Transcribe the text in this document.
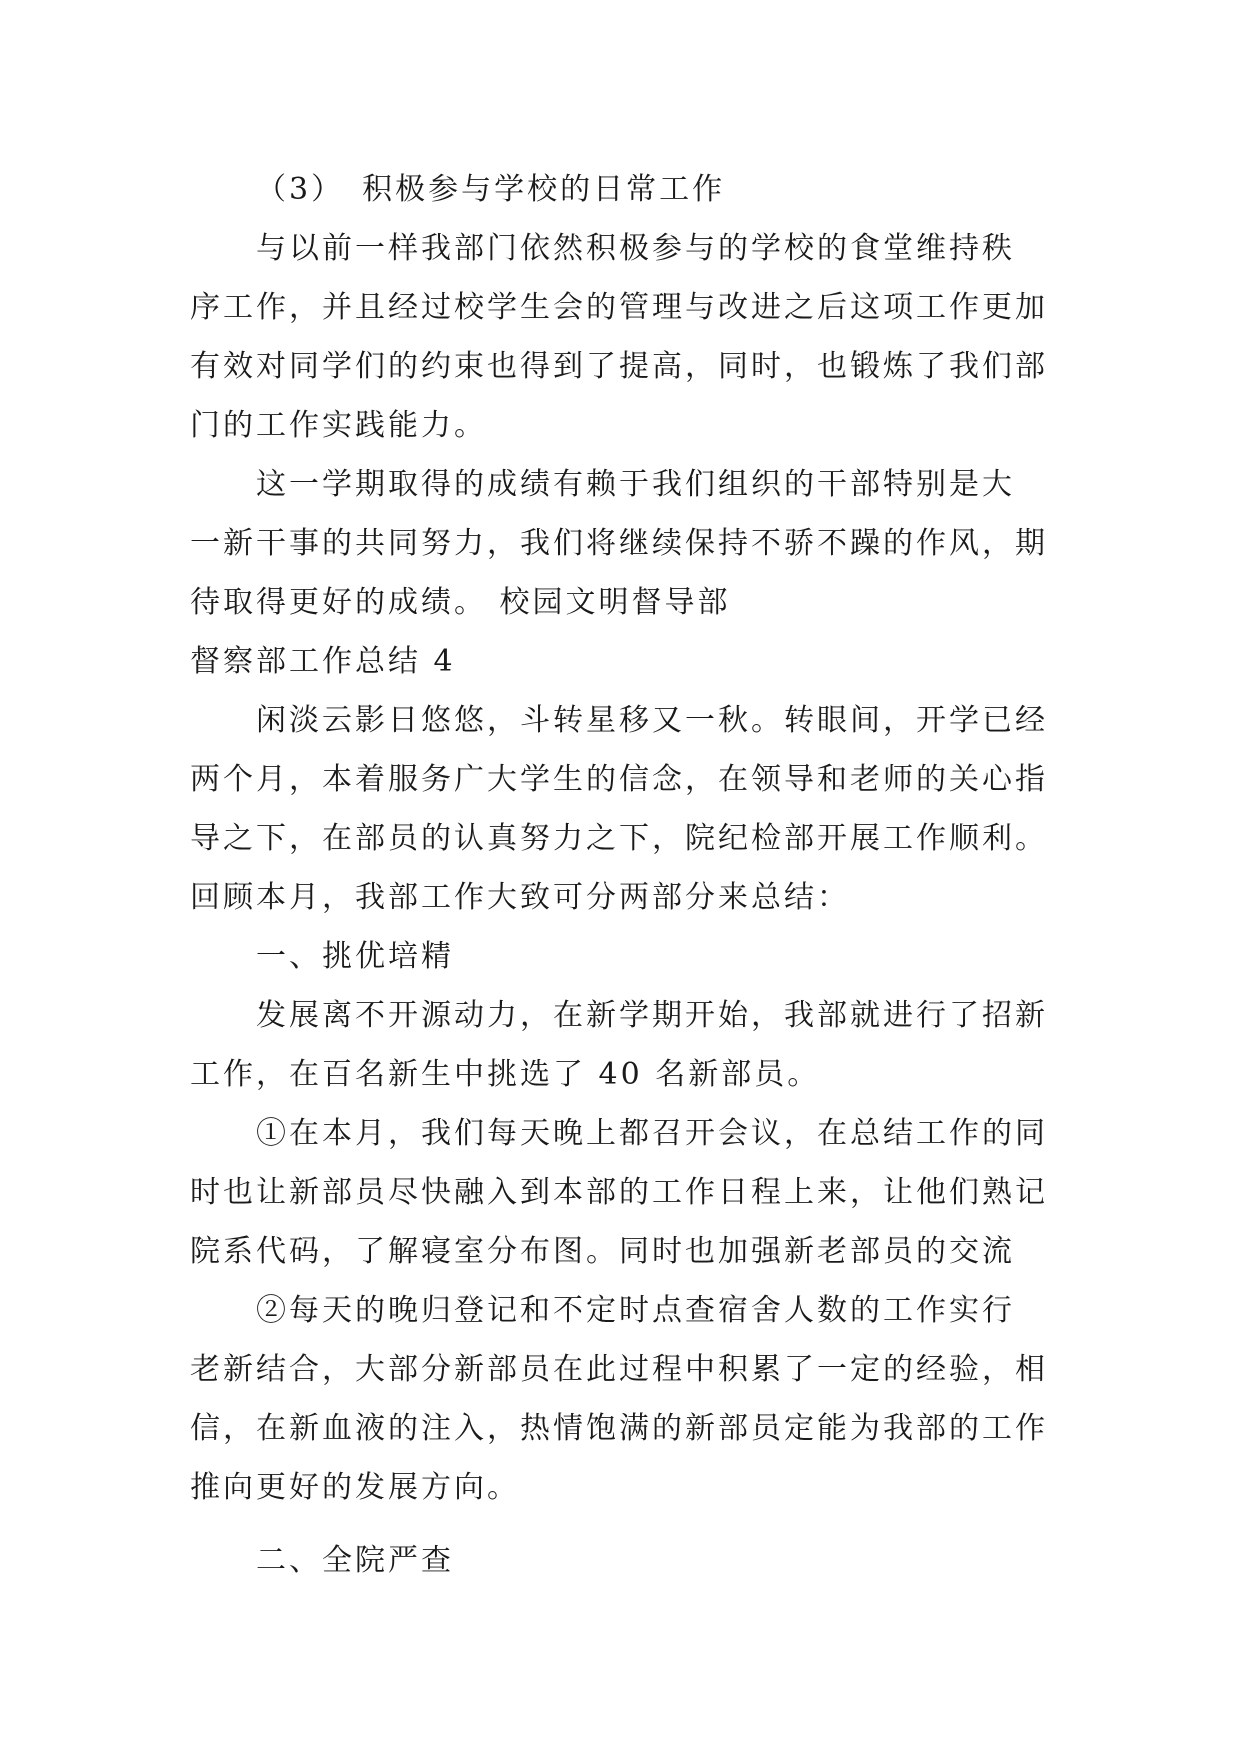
（3）　积极参与学校的日常工作
与以前一样我部门依然积极参与的学校的食堂维持秩
序工作，并且经过校学生会的管理与改进之后这项工作更加
有效对同学们的约束也得到了提高，同时，也锻炼了我们部
门的工作实践能力。
这一学期取得的成绩有赖于我们组织的干部特别是大
一新干事的共同努力，我们将继续保持不骄不躁的作风，期
待取得更好的成绩。 校园文明督导部
督察部工作总结 4
闲淡云影日悠悠，斗转星移又一秋。转眼间，开学已经
两个月，本着服务广大学生的信念，在领导和老师的关心指
导之下，在部员的认真努力之下，院纪检部开展工作顺利。
回顾本月，我部工作大致可分两部分来总结：
一、挑优培精
发展离不开源动力，在新学期开始，我部就进行了招新
工作，在百名新生中挑选了 40 名新部员。
①在本月，我们每天晚上都召开会议，在总结工作的同
时也让新部员尽快融入到本部的工作日程上来，让他们熟记
院系代码，了解寝室分布图。同时也加强新老部员的交流
②每天的晚归登记和不定时点查宿舍人数的工作实行
老新结合，大部分新部员在此过程中积累了一定的经验，相
信，在新血液的注入，热情饱满的新部员定能为我部的工作
推向更好的发展方向。
二、全院严查
